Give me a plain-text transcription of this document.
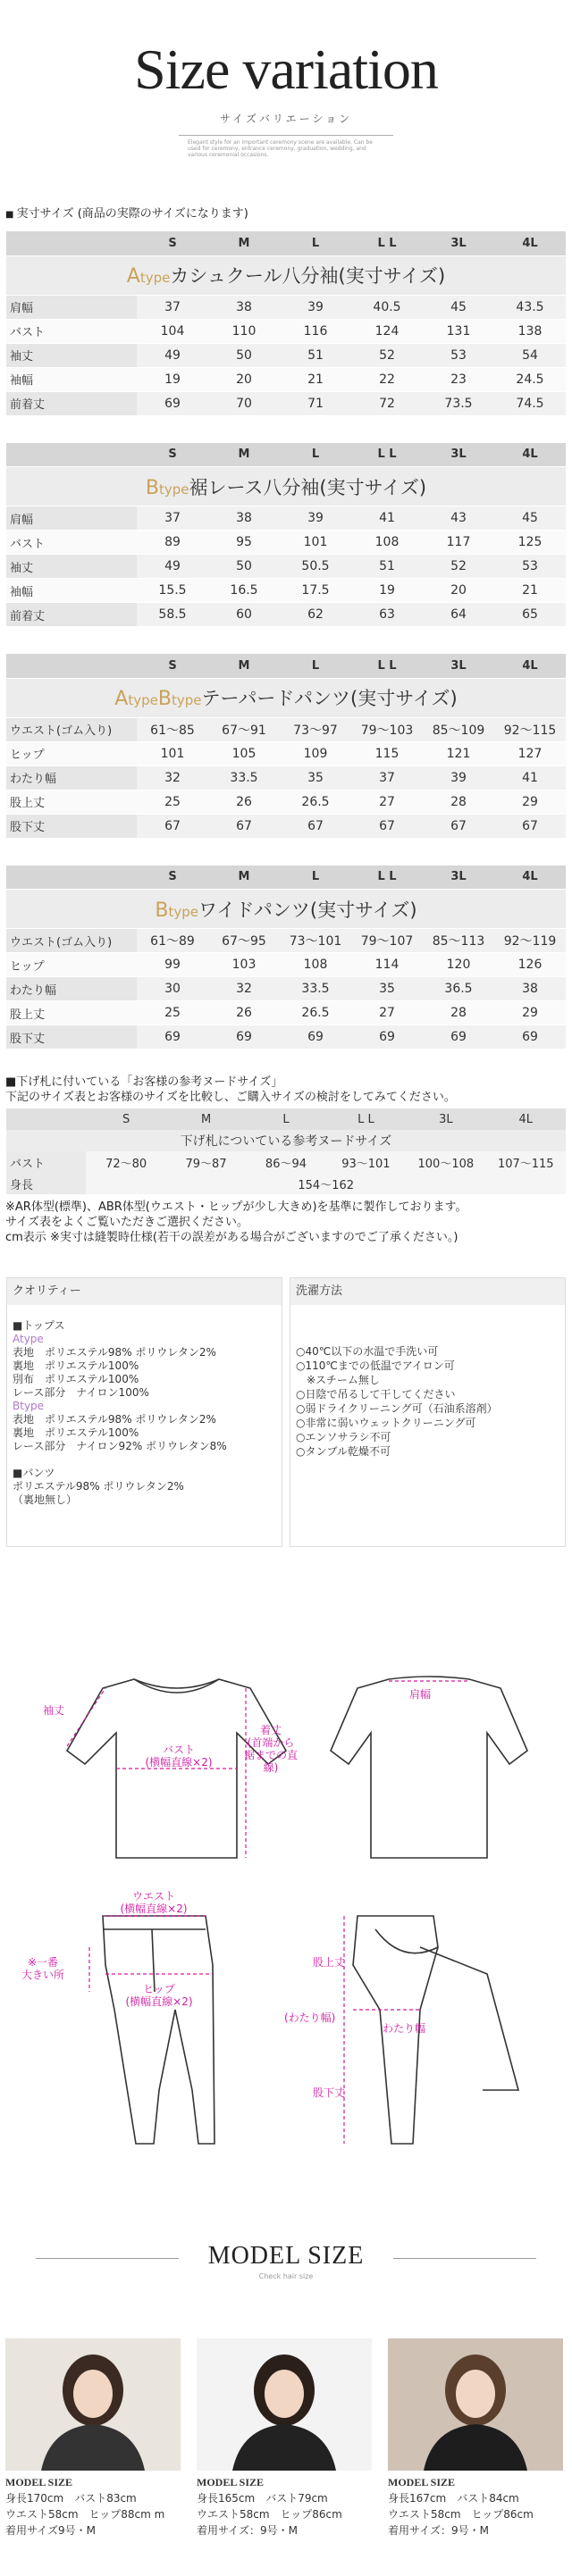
Size variation
サイズバリエーション
Elegant style for an important ceremony scene are available. Can be used for ceremony, entrance ceremony, graduation, wedding, and various ceremonial occasions.
■ 実寸サイズ (商品の実際のサイズになります)
Atypeカシュクール八分袖(実寸サイズ)						
	S	M	L	L L	3L	4L
肩幅	37	38	39	40.5	45	43.5
バスト	104	110	116	124	131	138
袖丈	49	50	51	52	53	54
袖幅	19	20	21	22	23	24.5
前着丈	69	70	71	72	73.5	74.5
Btype裾レース八分袖(実寸サイズ)						
	S	M	L	L L	3L	4L
肩幅	37	38	39	41	43	45
バスト	89	95	101	108	117	125
袖丈	49	50	50.5	51	52	53
袖幅	15.5	16.5	17.5	19	20	21
前着丈	58.5	60	62	63	64	65
AtypeBtypeテーパードパンツ(実寸サイズ)						
	S	M	L	L L	3L	4L
ウエスト(ゴム入り)	61〜85	67〜91	73〜97	79〜103	85〜109	92〜115
ヒップ	101	105	109	115	121	127
わたり幅	32	33.5	35	37	39	41
股上丈	25	26	26.5	27	28	29
股下丈	67	67	67	67	67	67
Btypeワイドパンツ(実寸サイズ)						
	S	M	L	L L	3L	4L
ウエスト(ゴム入り)	61〜89	67〜95	73〜101	79〜107	85〜113	92〜119
ヒップ	99	103	108	114	120	126
わたり幅	30	32	33.5	35	36.5	38
股上丈	25	26	26.5	27	28	29
股下丈	69	69	69	69	69	69
■下げ札に付いている「お客様の参考ヌードサイズ」
下記のサイズ表とお客様のサイズを比較し、ご購入サイズの検討をしてみてください。
下げ札についている参考ヌードサイズ						
	S	M	L	L L	3L	4L
バスト	72〜80	79〜87	86〜94	93〜101	100〜108	107〜115
身長	154〜162					
※AR体型(標準)、ABR体型(ウエスト・ヒップが少し大きめ)を基準に製作しております。
サイズ表をよくご覧いただきご選択ください。
cm表示 ※実寸は縫製時仕様(若干の誤差がある場合がございますのでご了承ください。)
クオリティー
■トップス
Atype
表地　ポリエステル98% ポリウレタン2%
裏地　ポリエステル100%
別布　ポリエステル100%
レース部分　ナイロン100%
Btype
表地　ポリエステル98% ポリウレタン2%
裏地　ポリエステル100%
レース部分　ナイロン92% ポリウレタン8%
■パンツ
ポリエステル98% ポリウレタン2%
（裏地無し）
洗濯方法
○40℃以下の水温で手洗い可
○110℃までの低温でアイロン可
　※スチーム無し
○日陰で吊るして干してください
○弱ドライクリーニング可（石油系溶剤）
○非常に弱いウェットクリーニング可
○エンソサラシ不可
○タンブル乾燥不可
袖丈
バスト
(横幅直線×2)
着丈
(首端から
裾までの直線)
肩幅
ウエスト
(横幅直線×2)
※一番
大きい所
ヒップ
(横幅直線×2)
股上丈
(わたり幅)
わたり幅
股下丈
MODEL SIZE
Check hair size
MODEL SIZE
身長170cm　バスト83cm
ウエスト58cm　ヒップ88cm m
着用サイズ9号・M
MODEL SIZE
身長165cm　バスト79cm
ウエスト58cm　ヒップ86cm
着用サイズ：9号・M
MODEL SIZE
身長167cm　バスト84cm
ウエスト58cm　ヒップ86cm
着用サイズ：9号・M
